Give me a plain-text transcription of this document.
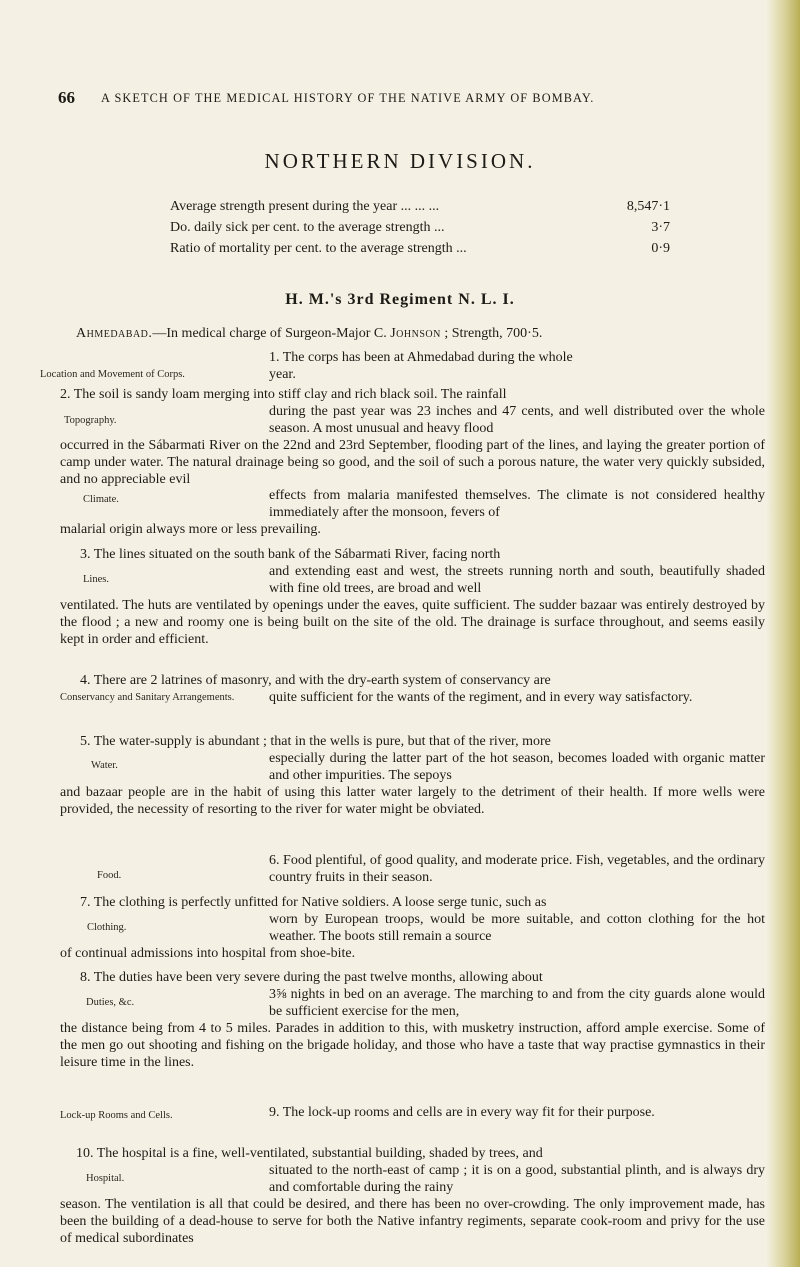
66 A SKETCH OF THE MEDICAL HISTORY OF THE NATIVE ARMY OF BOMBAY.
NORTHERN DIVISION.
Average strength present during the year ... ... ...	8,547·1
Do. daily sick per cent. to the average strength ...	3·7
Ratio of mortality per cent. to the average strength ...	0·9
H. M.'s 3rd Regiment N. L. I.
Ahmedabad.—In medical charge of Surgeon-Major C. Johnson ; Strength, 700·5.
Location and Movement of Corps.
1. The corps has been at Ahmedabad during the whole
year.
2. The soil is sandy loam merging into stiff clay and rich black soil. The rainfall
Topography.
during the past year was 23 inches and 47 cents, and well distributed over the whole season. A most unusual and heavy flood
occurred in the Sábarmati River on the 22nd and 23rd September, flooding part of the lines, and laying the greater portion of camp under water. The natural drainage being so good, and the soil of such a porous nature, the water very quickly subsided, and no appreciable evil
Climate.	effects from malaria manifested themselves. The climate is not considered healthy immediately after the monsoon, fevers of
malarial origin always more or less prevailing.
3. The lines situated on the south bank of the Sábarmati River, facing north
Lines.
and extending east and west, the streets running north and south, beautifully shaded with fine old trees, are broad and well
ventilated. The huts are ventilated by openings under the eaves, quite sufficient. The sudder bazaar was entirely destroyed by the flood ; a new and roomy one is being built on the site of the old. The drainage is surface throughout, and seems easily kept in order and efficient.
4. There are 2 latrines of masonry, and with the dry-earth system of conservancy are
Conservancy and Sanitary Arrangements.	quite sufficient for the wants of the regiment, and in every way satisfactory.
5. The water-supply is abundant ; that in the wells is pure, but that of the river, more
Water.	especially during the latter part of the hot season, becomes loaded with organic matter and other impurities. The sepoys
and bazaar people are in the habit of using this latter water largely to the detriment of their health. If more wells were provided, the necessity of resorting to the river for water might be obviated.
Food.
6. Food plentiful, of good quality, and moderate price. Fish, vegetables, and the ordinary country fruits in their season.
7. The clothing is perfectly unfitted for Native soldiers. A loose serge tunic, such as
Clothing.
worn by European troops, would be more suitable, and cotton clothing for the hot weather. The boots still remain a source
of continual admissions into hospital from shoe-bite.
8. The duties have been very severe during the past twelve months, allowing about
Duties, &c.
3⅝ nights in bed on an average. The marching to and from the city guards alone would be sufficient exercise for the men,
the distance being from 4 to 5 miles. Parades in addition to this, with musketry instruction, afford ample exercise. Some of the men go out shooting and fishing on the brigade holiday, and those who have a taste that way practise gymnastics in their leisure time in the lines.
Lock-up Rooms and Cells.	9. The lock-up rooms and cells are in every way fit for their purpose.
10. The hospital is a fine, well-ventilated, substantial building, shaded by trees, and
Hospital.
situated to the north-east of camp ; it is on a good, substantial plinth, and is always dry and comfortable during the rainy
season. The ventilation is all that could be desired, and there has been no over-crowding. The only improvement made, has been the building of a dead-house to serve for both the Native infantry regiments, separate cook-room and privy for the use of medical subordinates
